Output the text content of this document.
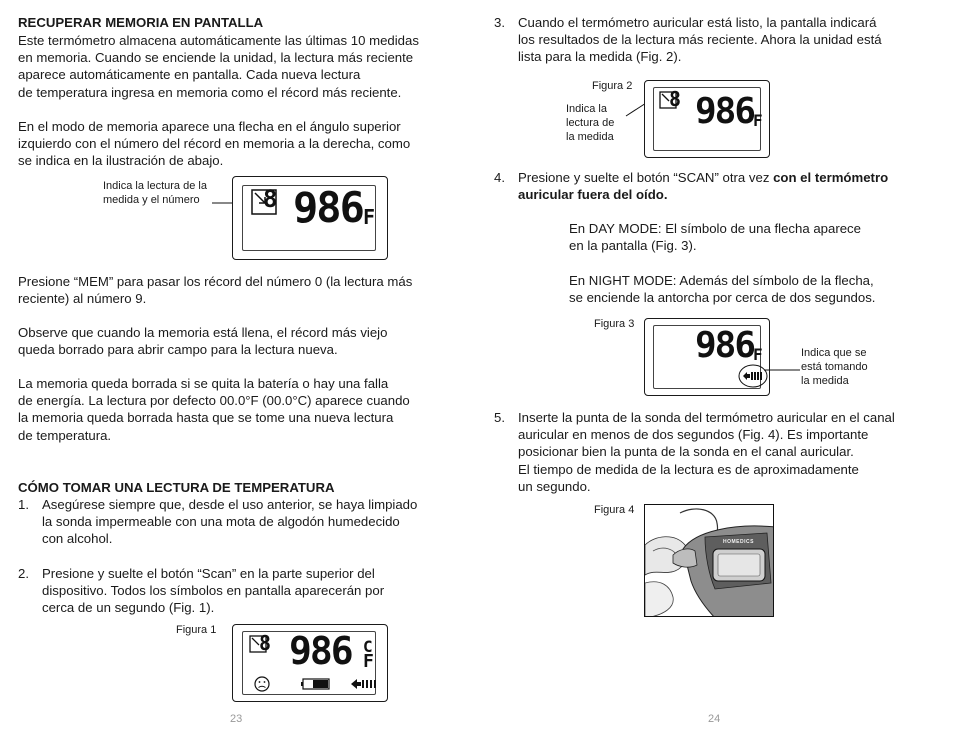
RECUPERAR MEMORIA EN PANTALLA
Este termómetro almacena automáticamente las últimas 10 medidas
en memoria. Cuando se enciende la unidad, la lectura más reciente
aparece automáticamente en pantalla. Cada nueva lectura
de temperatura ingresa en memoria como el récord más reciente.
En el modo de memoria aparece una flecha en el ángulo superior
izquierdo con el número del récord en memoria a la derecha, como
se indica en la ilustración de abajo.
Indica la lectura de la
medida y el número	8 986 F
Presione “MEM” para pasar los récord del número 0 (la lectura más
reciente) al número 9.
Observe que cuando la memoria está llena, el récord más viejo
queda borrado para abrir campo para la lectura nueva.
La memoria queda borrada si se quita la batería o hay una falla
de energía. La lectura por defecto 00.0°F (00.0°C) aparece cuando
la memoria queda borrada hasta que se tome una nueva lectura
de temperatura.
CÓMO TOMAR UNA LECTURA DE TEMPERATURA
1. Asegúrese siempre que, desde el uso anterior, se haya limpiado
la sonda impermeable con una mota de algodón humedecido
con alcohol.
2. Presione y suelte el botón “Scan” en la parte superior del
dispositivo. Todos los símbolos en pantalla aparecerán por
cerca de un segundo (Fig. 1).
Figura 1
8 986 C
F
23
3. Cuando el termómetro auricular está listo, la pantalla indicará
los resultados de la lectura más reciente. Ahora la unidad está
lista para la medida (Fig. 2).
Figura 2
Indica la
lectura de
la medida
8 986
F
4. Presione y suelte el botón “SCAN” otra vez con el termómetro
auricular fuera del oído.
En DAY MODE: El símbolo de una flecha aparece
en la pantalla (Fig. 3).
En NIGHT MODE: Además del símbolo de la flecha,
se enciende la antorcha por cerca de dos segundos.
Figura 3
986
F	Indica que se
está tomando
la medida
5. Inserte la punta de la sonda del termómetro auricular en el canal
auricular en menos de dos segundos (Fig. 4). Es importante
posicionar bien la punta de la sonda en el canal auricular.
El tiempo de medida de la lectura es de aproximadamente
un segundo.
Figura 4
HOMEDICS
24
